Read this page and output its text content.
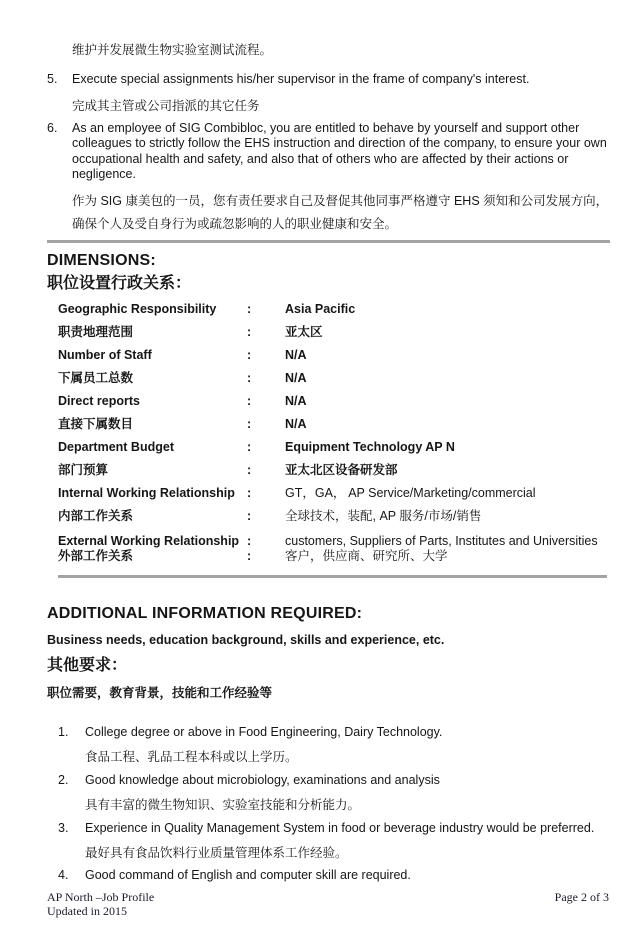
维护并发展微生物实验室测试流程。
5.	Execute special assignments his/her supervisor in the frame of company's interest.
完成其主管或公司指派的其它任务
6.	As an employee of SIG Combibloc, you are entitled to behave by yourself and support other colleagues to strictly follow the EHS instruction and direction of the company, to ensure your own occupational health and safety, and also that of others who are affected by their actions or negligence.
作为 SIG 康美包的一员，您有责任要求自己及督促其他同事严格遵守 EHS 须知和公司发展方向，确保个人及受自身行为或疏忽影响的人的职业健康和安全。
DIMENSIONS:
职位设置行政关系：
Geographic Responsibility	:	Asia Pacific
职责地理范围	:	亚太区
Number of Staff	:	N/A
下属员工总数	:	N/A
Direct reports	:	N/A
直接下属数目	:	N/A
Department Budget	:	Equipment Technology AP N
部门预算	:	亚太北区设备研发部
Internal Working Relationship :	GT，GA， AP Service/Marketing/commercial
内部工作关系	:	全球技术，装配, AP 服务/市场/销售
External Working Relationship :	customers, Suppliers of Parts, Institutes and Universities
外部工作关系	:	客户，供应商、研究所、大学
ADDITIONAL INFORMATION REQUIRED:
Business needs, education background, skills and experience, etc.
其他要求：
职位需要，教育背景，技能和工作经验等
1.	College degree or above in Food Engineering, Dairy Technology.
食品工程、乳品工程本科或以上学历。
2.	Good knowledge about microbiology, examinations and analysis
具有丰富的微生物知识、实验室技能和分析能力。
3.	Experience in Quality Management System in food or beverage industry would be preferred.
最好具有食品饮料行业质量管理体系工作经验。
4.	Good command of English and computer skill are required.
AP North –Job Profile
Updated in 2015
Page 2 of 3
